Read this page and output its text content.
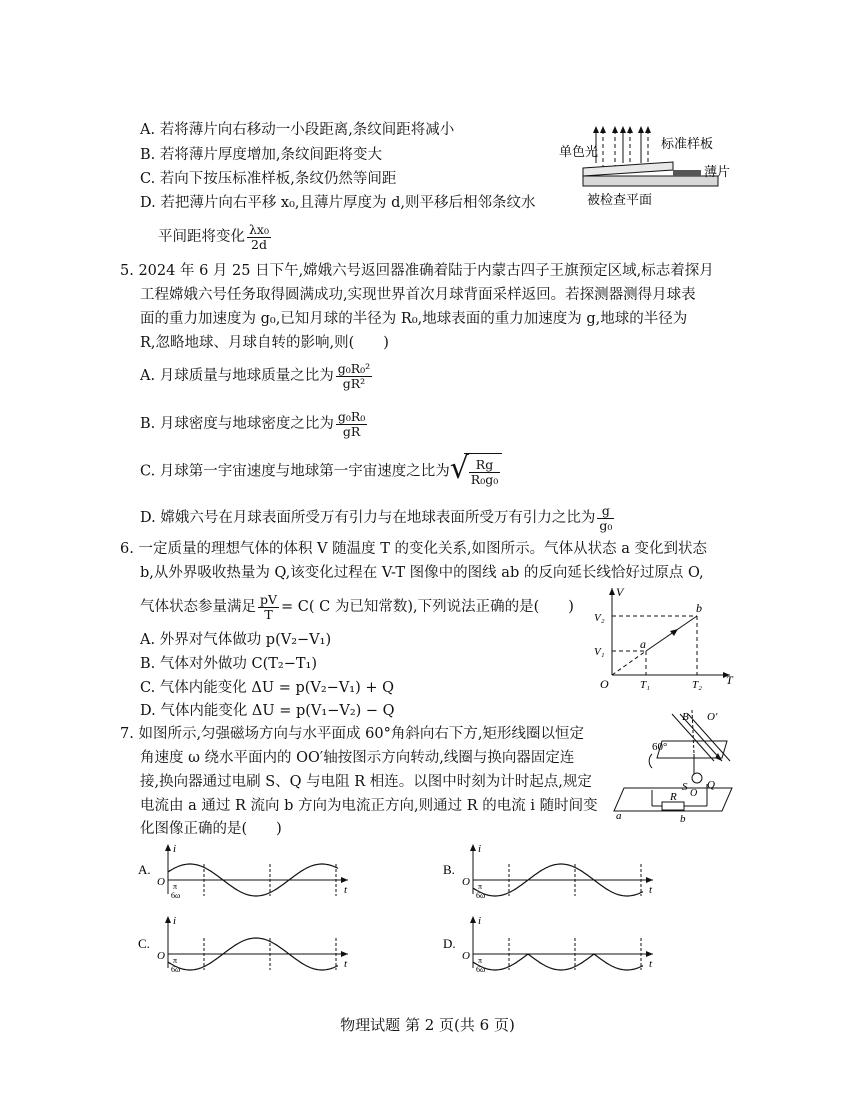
A. 若将薄片向右移动一小段距离,条纹间距将减小
B. 若将薄片厚度增加,条纹间距将变大
C. 若向下按压标准样板,条纹仍然等间距
D. 若把薄片向右平移 x₀,且薄片厚度为 d,则平移后相邻条纹水
平间距将变化 $\frac{\text{λx₀}}{2d}$
单色光
标准样板
薄片
被检查平面
5. 2024 年 6 月 25 日下午,嫦娥六号返回器准确着陆于内蒙古四子王旗预定区域,标志着探月
工程嫦娥六号任务取得圆满成功,实现世界首次月球背面采样返回。若探测器测得月球表
面的重力加速度为 g₀,已知月球的半径为 R₀,地球表面的重力加速度为 g,地球的半径为
R,忽略地球、月球自转的影响,则(　　)
A. 月球质量与地球质量之比为 $\frac{\text{g₀R₀²}}{\text{gR²}}$
B. 月球密度与地球密度之比为 $\frac{\text{g₀R₀}}{gR}$
C. 月球第一宇宙速度与地球第一宇宙速度之比为 √ $\frac{Rg}{\text{R₀g₀}}$
D. 嫦娥六号在月球表面所受万有引力与在地球表面所受万有引力之比为 $\frac{g}{\text{g₀}}$
6. 一定质量的理想气体的体积 V 随温度 T 的变化关系,如图所示。气体从状态 a 变化到状态
b,从外界吸收热量为 Q,该变化过程在 V-T 图像中的图线 ab 的反向延长线恰好过原点 O,
气体状态参量满足 $\frac{pV}{T} = C$( C 为已知常数),下列说法正确的是(　　)
A. 外界对气体做功 p(V₂−V₁)
B. 气体对外做功 C(T₂−T₁)
C. 气体内能变化 ΔU = p(V₂−V₁) + Q
D. 气体内能变化 ΔU = p(V₁−V₂) − Q
V
T
O
V₁
V₂
T₁	T₂
a
b
7. 如图所示,匀强磁场方向与水平面成 60°角斜向右下方,矩形线圈以恒定
角速度 ω 绕水平面内的 OO′轴按图示方向转动,线圈与换向器固定连
接,换向器通过电刷 S、Q 与电阻 R 相连。以图中时刻为计时起点,规定
电流由 a 通过 R 流向 b 方向为电流正方向,则通过 R 的电流 i 随时间变
化图像正确的是(　　)
B O′
60°
O
S Q
R
a	b
A.
i
O
t
π
6ω
B.
i
O
t
π
6ω
C.
i
O
t
π
6ω
D.
i
O
t
π
6ω
物理试题 第 2 页(共 6 页)
